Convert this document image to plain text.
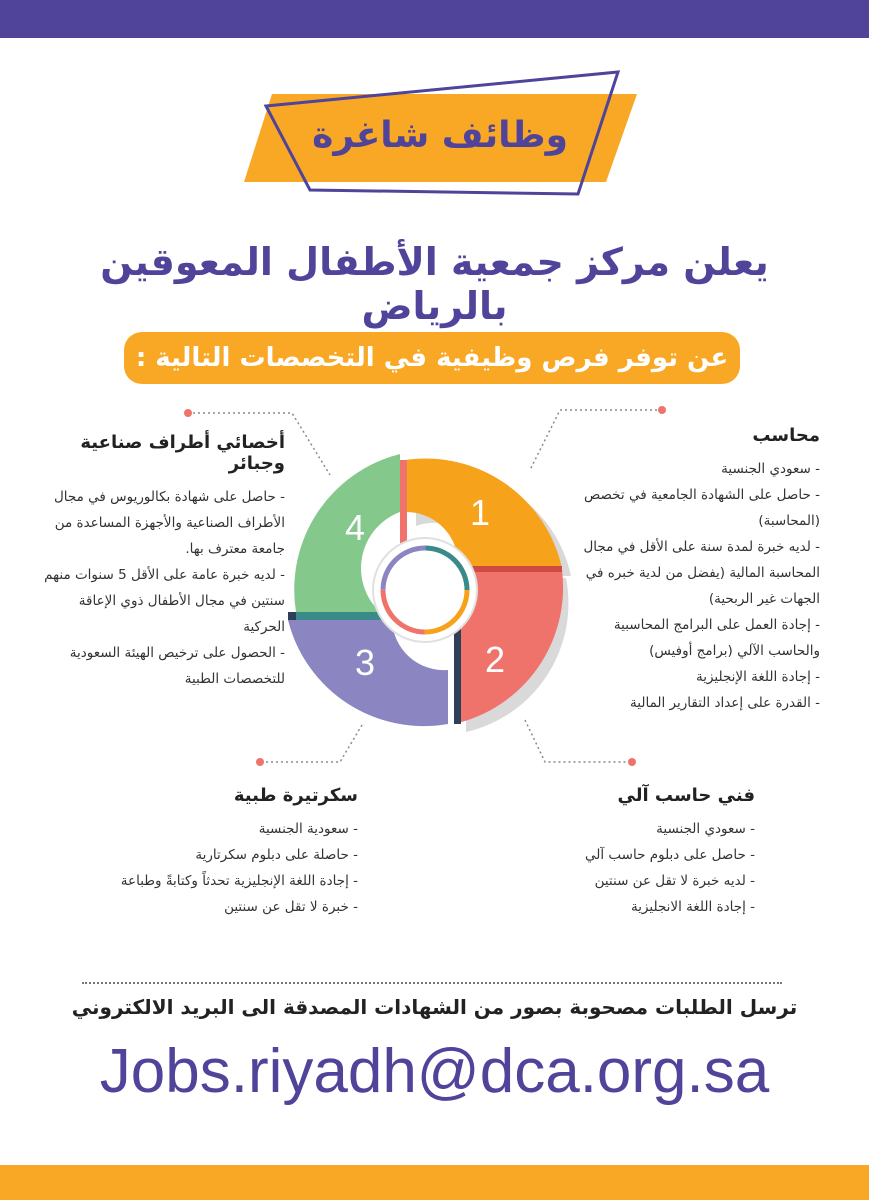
وظائف شاغرة
يعلن مركز جمعية الأطفال المعوقين بالرياض
عن توفر فرص وظيفية في التخصصات التالية :
1
2
3
4
محاسب
- سعودي الجنسية
- حاصل على الشهادة الجامعية في تخصص (المحاسبة)
- لديه خبرة لمدة سنة على الأقل في مجال المحاسبة المالية (يفضل من لدية خبره في الجهات غير الربحية)
- إجادة العمل على البرامج المحاسبية والحاسب الآلي (برامج أوفيس)
- إجادة اللغة الإنجليزية
- القدرة على إعداد التقارير المالية
أخصائي أطراف صناعية وجبائر
- حاصل على شهادة بكالوريوس في مجال الأطراف الصناعية والأجهزة المساعدة من جامعة معترف بها.
- لديه خبرة عامة على الأقل 5 سنوات منهم سنتين في مجال الأطفال ذوي الإعاقة الحركية
- الحصول على ترخيص الهيئة السعودية للتخصصات الطبية
سكرتيرة طبية
- سعودية الجنسية
- حاصلة على دبلوم سكرتارية
- إجادة اللغة الإنجليزية تحدثاً وكتابةً وطباعة
- خبرة لا تقل عن سنتين
فني حاسب آلي
- سعودي الجنسية
- حاصل على دبلوم حاسب آلي
- لديه خبرة لا تقل عن سنتين
- إجادة اللغة الانجليزية
ترسل الطلبات مصحوبة بصور من الشهادات المصدقة الى البريد الالكتروني
Jobs.riyadh@dca.org.sa
